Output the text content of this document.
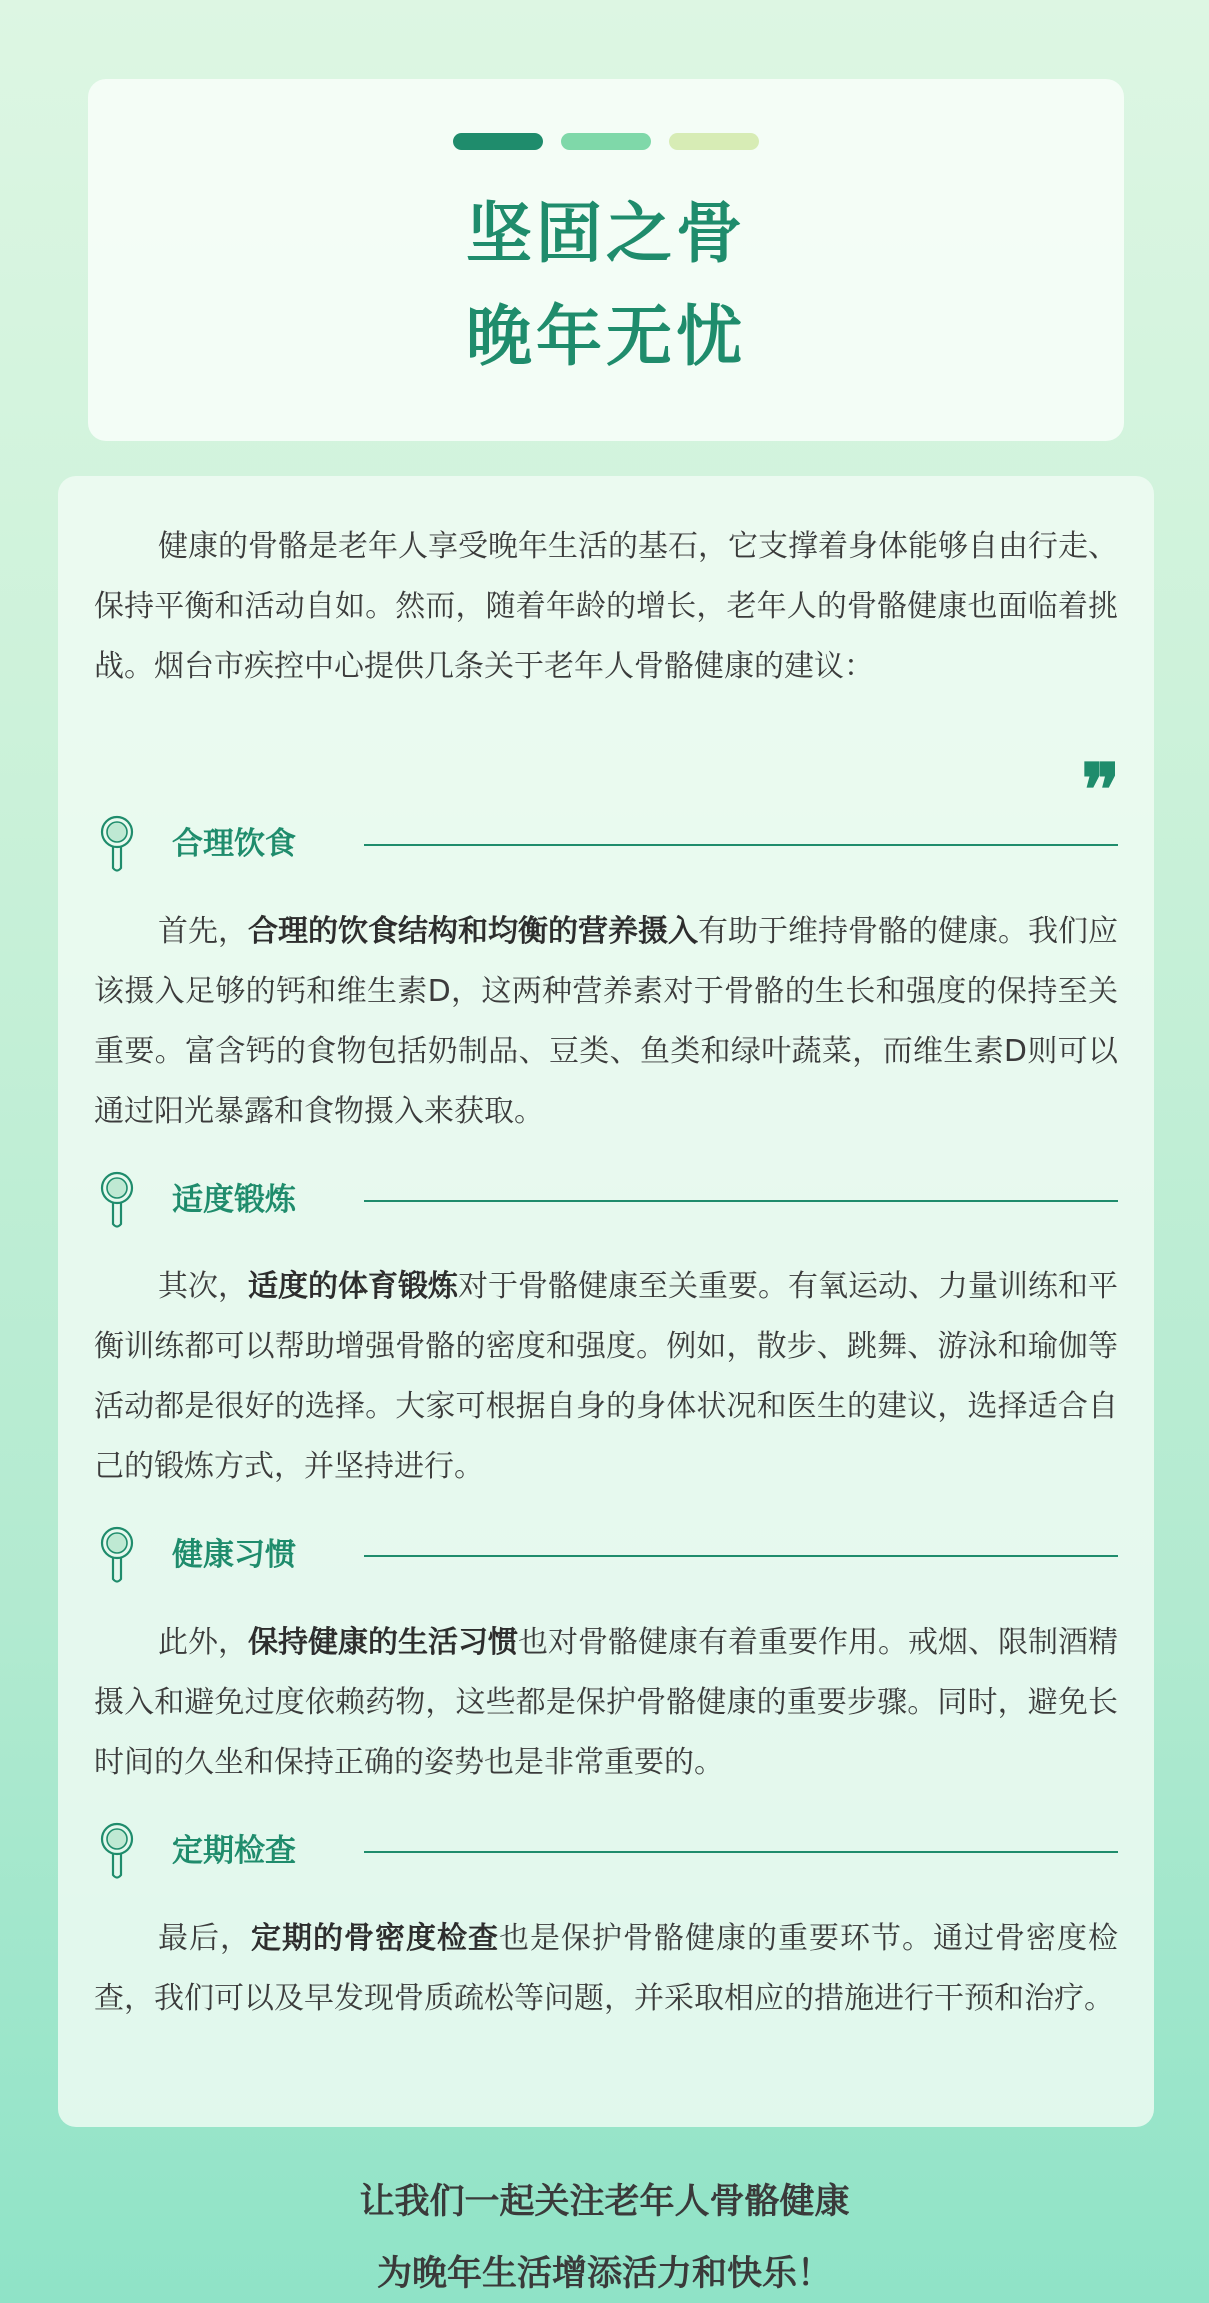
坚固之骨
晚年无忧
健康的骨骼是老年人享受晚年生活的基石，它支撑着身体能够自由行走、保持平衡和活动自如。然而，随着年龄的增长，老年人的骨骼健康也面临着挑战。烟台市疾控中心提供几条关于老年人骨骼健康的建议：
❞
合理饮食
首先，合理的饮食结构和均衡的营养摄入有助于维持骨骼的健康。我们应该摄入足够的钙和维生素D，这两种营养素对于骨骼的生长和强度的保持至关重要。富含钙的食物包括奶制品、豆类、鱼类和绿叶蔬菜，而维生素D则可以通过阳光暴露和食物摄入来获取。
适度锻炼
其次，适度的体育锻炼对于骨骼健康至关重要。有氧运动、力量训练和平衡训练都可以帮助增强骨骼的密度和强度。例如，散步、跳舞、游泳和瑜伽等活动都是很好的选择。大家可根据自身的身体状况和医生的建议，选择适合自己的锻炼方式，并坚持进行。
健康习惯
此外，保持健康的生活习惯也对骨骼健康有着重要作用。戒烟、限制酒精摄入和避免过度依赖药物，这些都是保护骨骼健康的重要步骤。同时，避免长时间的久坐和保持正确的姿势也是非常重要的。
定期检查
最后，定期的骨密度检查也是保护骨骼健康的重要环节。通过骨密度检查，我们可以及早发现骨质疏松等问题，并采取相应的措施进行干预和治疗。
让我们一起关注老年人骨骼健康
为晚年生活增添活力和快乐！
